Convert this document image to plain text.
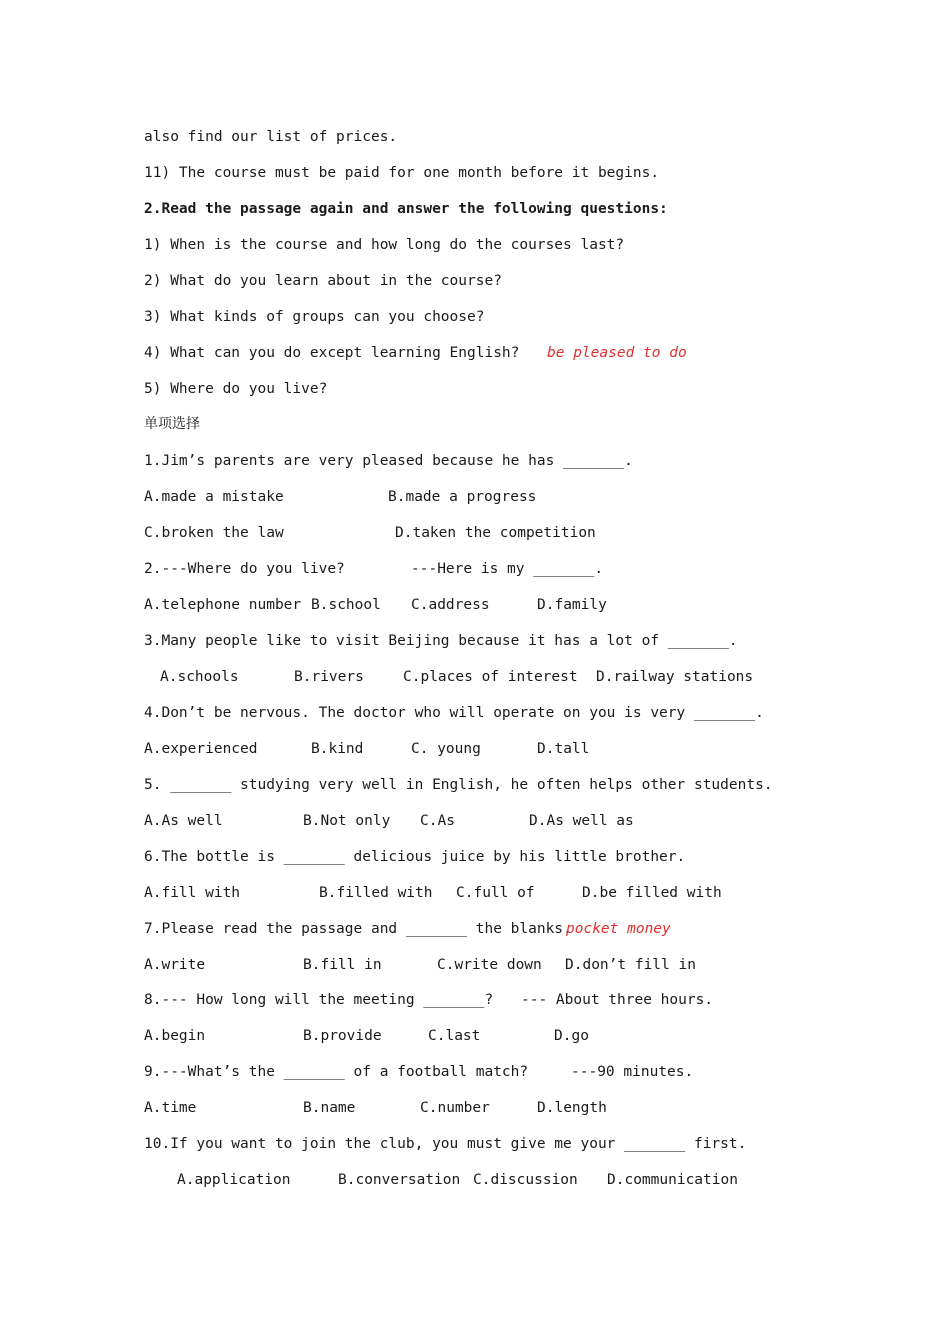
also find our list of prices.
11) The course must be paid for one month before it begins.
2.Read the passage again and answer the following questions:
1) When is the course and how long do the courses last?
2) What do you learn about in the course?
3) What kinds of groups can you choose?
4) What can you do except learning English? be pleased to do
5) Where do you live?
单项选择
1.Jim’s parents are very pleased because he has _______.
A.made a mistake	B.made a progress
C.broken the law	D.taken the competition
2.---Where do you live?	---Here is my _______.
A.telephone number B.school C.address	D.family
3.Many people like to visit Beijing because it has a lot of _______.
A.schools	B.rivers	C.places of interest D.railway stations
4.Don’t be nervous. The doctor who will operate on you is very _______.
A.experienced	B.kind	C. young	D.tall
5. _______ studying very well in English, he often helps other students.
A.As well	B.Not only C.As	D.As well as
6.The bottle is _______ delicious juice by his little brother.
A.fill with	B.filled with C.full of	D.be filled with
7.Please read the passage and _______ the blanks.
pocket money
A.write	B.fill in	C.write down D.don’t fill in
8.--- How long will the meeting _______? --- About three hours.
A.begin	B.provide	C.last	D.go
9.---What’s the _______ of a football match?	---90 minutes.
A.time	B.name	C.number	D.length
10.If you want to join the club, you must give me your _______ first.
A.application	B.conversation C.discussion D.communication
